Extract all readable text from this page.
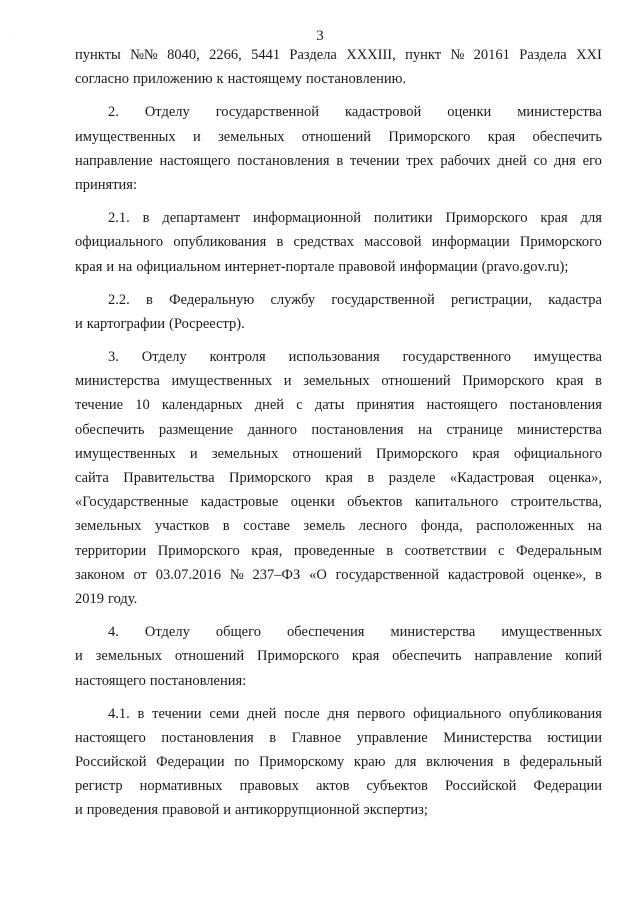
·	3
пункты №№ 8040, 2266, 5441 Раздела XXXIII, пункт № 20161 Раздела XXI
согласно приложению к настоящему постановлению.
2. Отделу государственной кадастровой оценки министерства
имущественных и земельных отношений Приморского края обеспечить
направление настоящего постановления в течении трех рабочих дней со дня его
принятия:
2.1. в департамент информационной политики Приморского края для
официального опубликования в средствах массовой информации Приморского
края и на официальном интернет-портале правовой информации (pravo.gov.ru);
2.2. в Федеральную службу государственной регистрации, кадастра
и картографии (Росреестр).
3. Отделу контроля использования государственного имущества
министерства имущественных и земельных отношений Приморского края в
течение 10 календарных дней с даты принятия настоящего постановления
обеспечить размещение данного постановления на странице министерства
имущественных и земельных отношений Приморского края официального
сайта Правительства Приморского края в разделе «Кадастровая оценка»,
«Государственные кадастровые оценки объектов капитального строительства,
земельных участков в составе земель лесного фонда, расположенных на
территории Приморского края, проведенные в соответствии с Федеральным
законом от 03.07.2016 № 237–ФЗ «О государственной кадастровой оценке», в
2019 году.
4. Отделу общего обеспечения министерства имущественных
и земельных отношений Приморского края обеспечить направление копий
настоящего постановления:
4.1. в течении семи дней после дня первого официального опубликования
настоящего постановления в Главное управление Министерства юстиции
Российской Федерации по Приморскому краю для включения в федеральный
регистр нормативных правовых актов субъектов Российской Федерации
и проведения правовой и антикоррупционной экспертиз;
